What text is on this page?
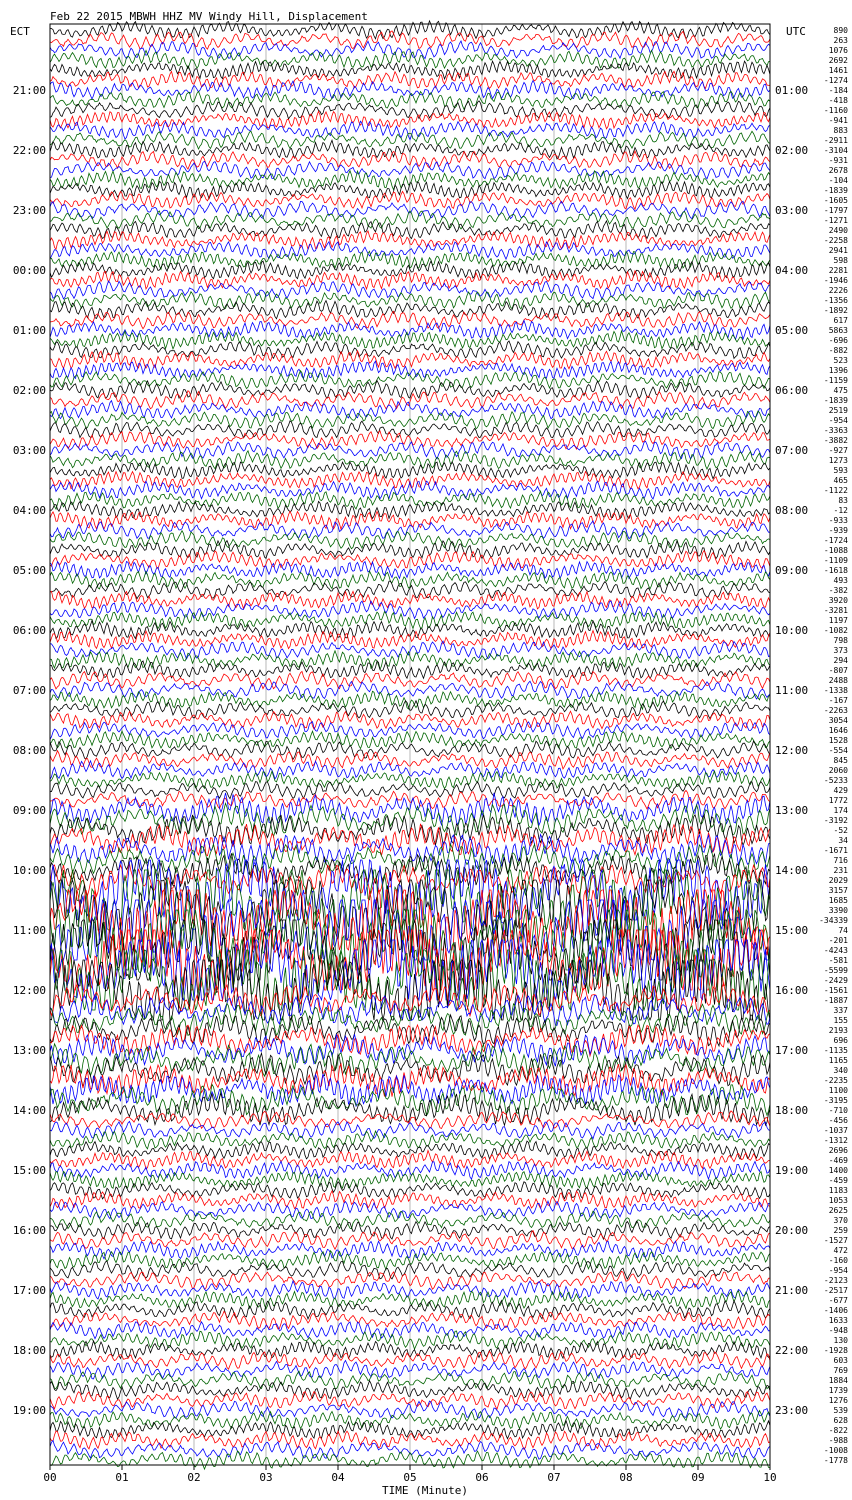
Feb 22 2015 MBWH HHZ MV Windy Hill, Displacement
ECT	UTC
TIME (Minute)
21:00
22:00
23:00
00:00
01:00
02:00
03:00
04:00
05:00
06:00
07:00
08:00
09:00
10:00
11:00
12:00
13:00
14:00
15:00
16:00
17:00
18:00
19:00
01:00
02:00
03:00
04:00
05:00
06:00
07:00
08:00
09:00
10:00
11:00
12:00
13:00
14:00
15:00
16:00
17:00
18:00
19:00
20:00
21:00
22:00
23:00
890
263
1076
2692
1461
-1274
-184
-418
-1160
-941
883
-2911
-3104
-931
2678
-104
-1839
-1605
-1797
-1271
2490
-2258
2941
598
2281
-1946
2226
-1356
-1892
617
5863
-696
-882
523
1396
-1159
475
-1839
2519
-954
-3363
-3882
-927
1273
593
465
-1122
83
-12
-933
-939
-1724
-1088
-1109
-1618
493
-382
3920
-3281
1197
-1082
798
373
294
-807
2488
-1338
-167
-2263
3054
1646
1528
-554
845
2060
-5233
429
1772
174
-3192
-52
34
-1671
716
231
2029
3157
1685
3390
-34339
74
-201
-4243
-581
-5599
-2429
-1561
-1887
337
155
2193
696
-1135
1165
340
-2235
1100
-3195
-710
-456
-1037
-1312
2696
-469
1400
-459
1183
1053
2625
370
259
-1527
472
-160
-954
-2123
-2517
-677
-1406
1633
-948
130
-1928
603
769
1884
1739
1276
539
628
-822
-988
-1008
-1778
00	01	02	03	04	05	06	07	08	09	10
